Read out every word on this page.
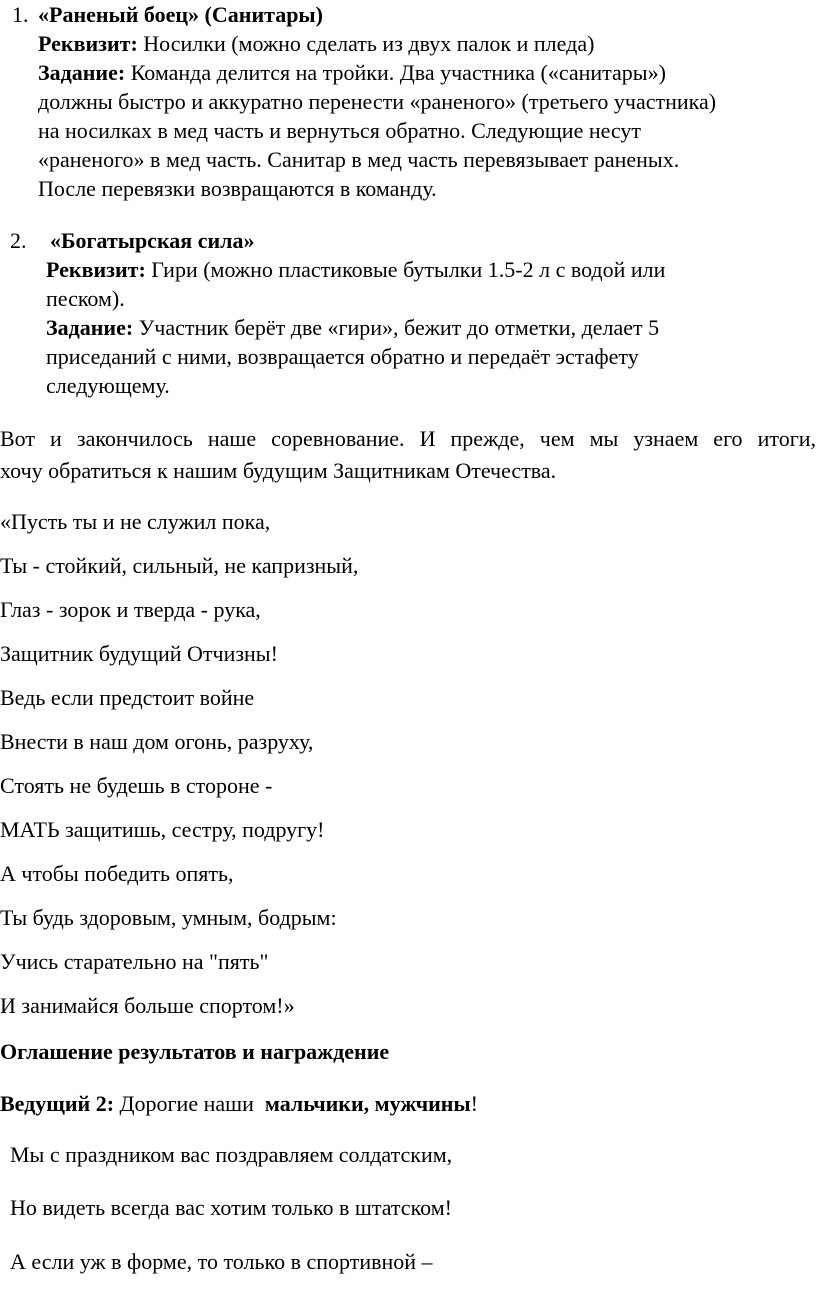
1. «Раненый боец» (Санитары)
Реквизит: Носилки (можно сделать из двух палок и пледа)
Задание: Команда делится на тройки. Два участника («санитары»)
должны быстро и аккуратно перенести «раненого» (третьего участника)
на носилках в мед часть и вернуться обратно. Следующие несут
«раненого» в мед часть. Санитар в мед часть перевязывает раненых.
После перевязки возвращаются в команду.
2. «Богатырская сила»
Реквизит: Гири (можно пластиковые бутылки 1.5-2 л с водой или
песком).
Задание: Участник берёт две «гири», бежит до отметки, делает 5
приседаний с ними, возвращается обратно и передаёт эстафету
следующему.
Вот и закончилось наше соревнование. И прежде, чем мы узнаем его итоги,
хочу обратиться к нашим будущим Защитникам Отечества.
«Пусть ты и не служил пока,
Ты - стойкий, сильный, не капризный,
Глаз - зорок и тверда - рука,
Защитник будущий Отчизны!
Ведь если предстоит войне
Внести в наш дом огонь, разруху,
Стоять не будешь в стороне -
МАТЬ защитишь, сестру, подругу!
А чтобы победить опять,
Ты будь здоровым, умным, бодрым:
Учись старательно на "пять"
И занимайся больше спортом!»
Оглашение результатов и награждение
Ведущий 2: Дорогие наши  мальчики, мужчины!
Мы с праздником вас поздравляем солдатским,
Но видеть всегда вас хотим только в штатском!
А если уж в форме, то только в спортивной –
